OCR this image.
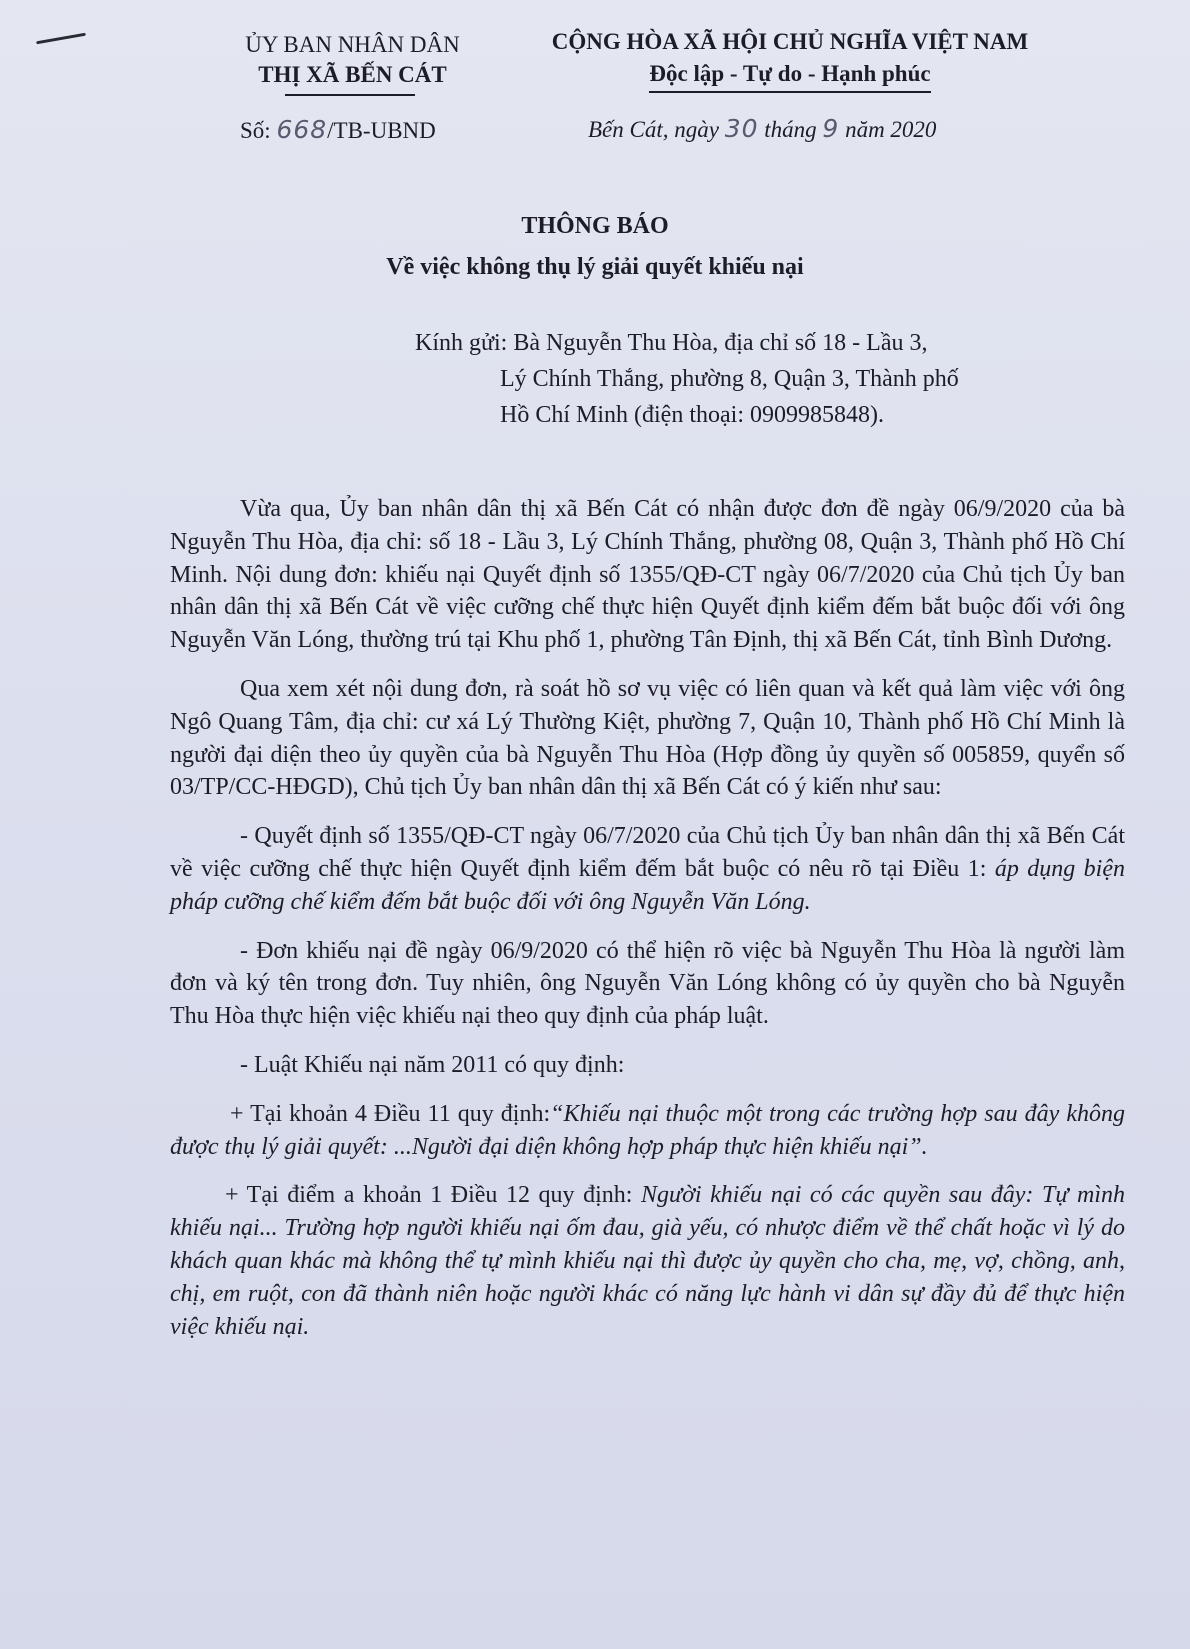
ỦY BAN NHÂN DÂN
THỊ XÃ BẾN CÁT
CỘNG HÒA XÃ HỘI CHỦ NGHĨA VIỆT NAM
Độc lập - Tự do - Hạnh phúc
Số: 668/TB-UBND	Bến Cát, ngày 30 tháng 9 năm 2020
THÔNG BÁO
Về việc không thụ lý giải quyết khiếu nại
Kính gửi: Bà Nguyễn Thu Hòa, địa chỉ số 18 - Lầu 3,
Lý Chính Thắng, phường 8, Quận 3, Thành phố
Hồ Chí Minh (điện thoại: 0909985848).

Vừa qua, Ủy ban nhân dân thị xã Bến Cát có nhận được đơn đề ngày 06/9/2020 của bà Nguyễn Thu Hòa, địa chỉ: số 18 - Lầu 3, Lý Chính Thắng, phường 08, Quận 3, Thành phố Hồ Chí Minh. Nội dung đơn: khiếu nại Quyết định số 1355/QĐ-CT ngày 06/7/2020 của Chủ tịch Ủy ban nhân dân thị xã Bến Cát về việc cưỡng chế thực hiện Quyết định kiểm đếm bắt buộc đối với ông Nguyễn Văn Lóng, thường trú tại Khu phố 1, phường Tân Định, thị xã Bến Cát, tỉnh Bình Dương.

Qua xem xét nội dung đơn, rà soát hồ sơ vụ việc có liên quan và kết quả làm việc với ông Ngô Quang Tâm, địa chỉ: cư xá Lý Thường Kiệt, phường 7, Quận 10, Thành phố Hồ Chí Minh là người đại diện theo ủy quyền của bà Nguyễn Thu Hòa (Hợp đồng ủy quyền số 005859, quyển số 03/TP/CC-HĐGD), Chủ tịch Ủy ban nhân dân thị xã Bến Cát có ý kiến như sau:

- Quyết định số 1355/QĐ-CT ngày 06/7/2020 của Chủ tịch Ủy ban nhân dân thị xã Bến Cát về việc cưỡng chế thực hiện Quyết định kiểm đếm bắt buộc có nêu rõ tại Điều 1: áp dụng biện pháp cưỡng chế kiểm đếm bắt buộc đối với ông Nguyễn Văn Lóng.

- Đơn khiếu nại đề ngày 06/9/2020 có thể hiện rõ việc bà Nguyễn Thu Hòa là người làm đơn và ký tên trong đơn. Tuy nhiên, ông Nguyễn Văn Lóng không có ủy quyền cho bà Nguyễn Thu Hòa thực hiện việc khiếu nại theo quy định của pháp luật.

- Luật Khiếu nại năm 2011 có quy định:

+ Tại khoản 4 Điều 11 quy định:“Khiếu nại thuộc một trong các trường hợp sau đây không được thụ lý giải quyết: ...Người đại diện không hợp pháp thực hiện khiếu nại”.

+ Tại điểm a khoản 1 Điều 12 quy định: Người khiếu nại có các quyền sau đây: Tự mình khiếu nại... Trường hợp người khiếu nại ốm đau, già yếu, có nhược điểm về thể chất hoặc vì lý do khách quan khác mà không thể tự mình khiếu nại thì được ủy quyền cho cha, mẹ, vợ, chồng, anh, chị, em ruột, con đã thành niên hoặc người khác có năng lực hành vi dân sự đầy đủ để thực hiện việc khiếu nại.
